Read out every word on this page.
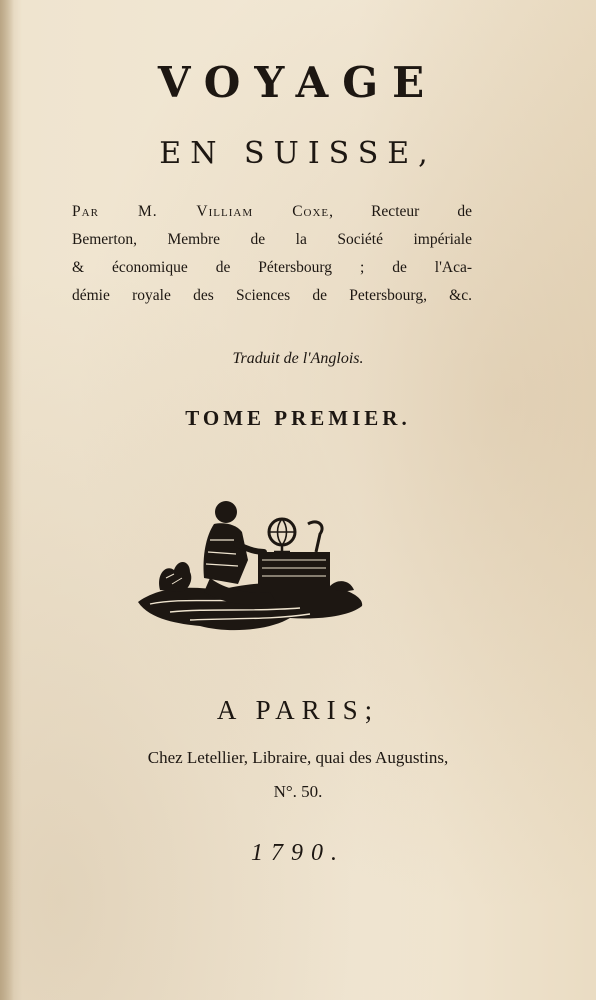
VOYAGE
EN SUISSE,
Par M. Villiam Coxe, Recteur de
Bemerton, Membre de la Société impériale
& économique de Pétersbourg ; de l'Aca-
démie royale des Sciences de Petersbourg, &c.
Traduit de l'Anglois.
TOME PREMIER.
A PARIS;
Chez Letellier, Libraire, quai des Augustins,
N°. 50.
1790.
